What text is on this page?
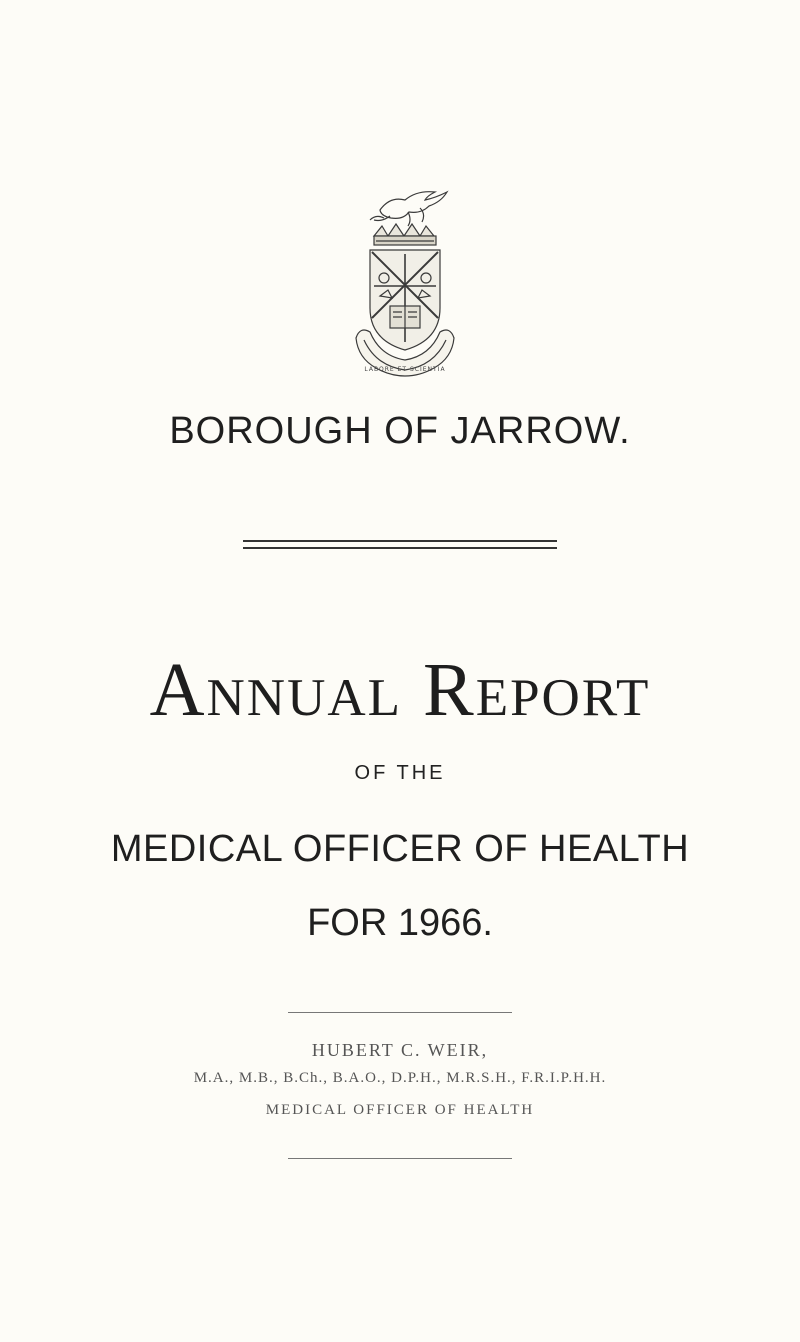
LABORE ET SCIENTIA
BOROUGH OF JARROW.
Annual Report
OF THE
MEDICAL OFFICER OF HEALTH
FOR 1966.
HUBERT C. WEIR,
M.A., M.B., B.Ch., B.A.O., D.P.H., M.R.S.H., F.R.I.P.H.H.
MEDICAL OFFICER OF HEALTH
